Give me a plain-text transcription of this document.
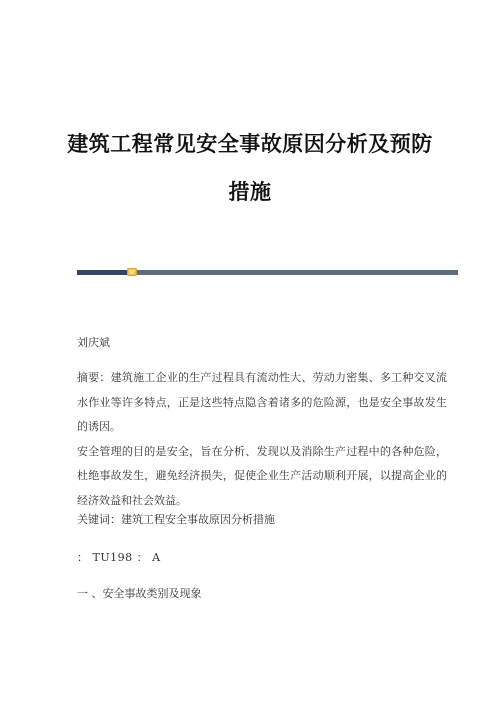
建筑工程常见安全事故原因分析及预防
措施
刘庆斌

摘要：建筑施工企业的生产过程具有流动性大、劳动力密集、多工种交叉流水作业等许多特点，正是这些特点隐含着诸多的危险源，也是安全事故发生的诱因。

安全管理的目的是安全，旨在分析、发现以及消除生产过程中的各种危险，杜绝事故发生，避免经济损失，促使企业生产活动顺利开展，以提高企业的经济效益和社会效益。

关键词：建筑工程安全事故原因分析措施
： TU198 ： A
一 、安全事故类别及现象
